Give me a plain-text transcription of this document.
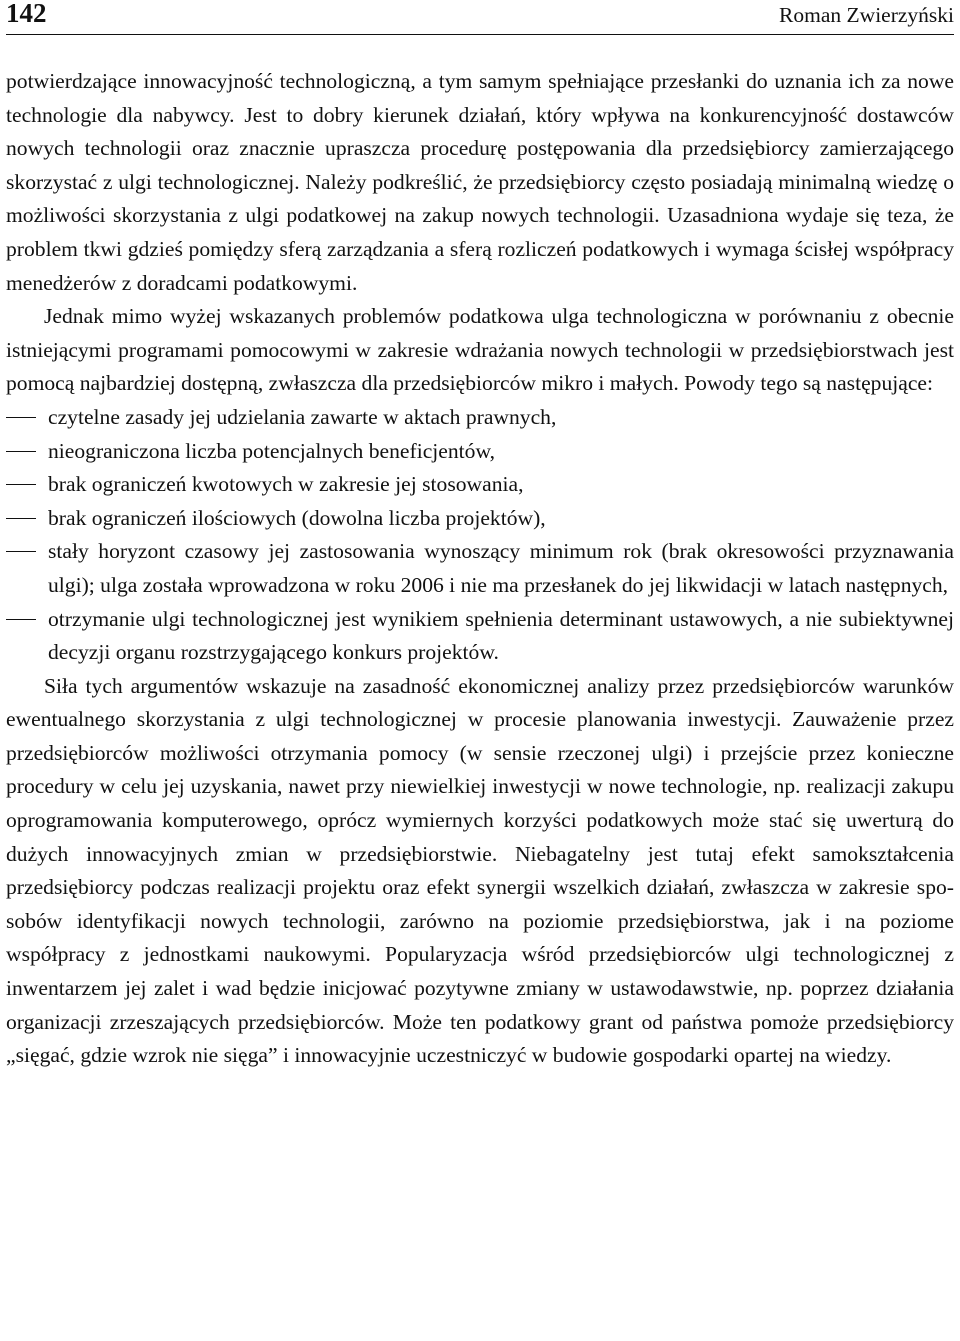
142	Roman Zwierzyński

potwierdzające innowacyjność technologiczną, a tym samym spełniające przesłanki do uznania ich za nowe technologie dla nabywcy. Jest to dobry kierunek działań, który wpływa na konkurencyjność dostawców nowych technologii oraz znacznie upraszcza procedurę postępowania dla przedsiębiorcy zamierzającego skorzystać z ulgi technologicznej. Należy podkreślić, że przedsiębiorcy często posiadają minimalną wiedzę o możliwości skorzystania z ulgi podatkowej na zakup nowych technologii. Uzasadniona wydaje się teza, że problem tkwi gdzieś pomiędzy sferą zarządzania a sferą rozliczeń podatkowych i wymaga ścisłej współpracy menedżerów z doradcami podatkowymi.

Jednak mimo wyżej wskazanych problemów podatkowa ulga technologiczna w porównaniu z obecnie istniejącymi programami pomocowymi w zakresie wdrażania nowych technologii w przedsiębiorstwach jest pomocą najbardziej dostępną, zwłaszcza dla przedsiębiorców mikro i małych. Powody tego są następujące:

czytelne zasady jej udzielania zawarte w aktach prawnych,
nieograniczona liczba potencjalnych beneficjentów,
brak ograniczeń kwotowych w zakresie jej stosowania,
brak ograniczeń ilościowych (dowolna liczba projektów),
stały horyzont czasowy jej zastosowania wynoszący minimum rok (brak okresowości przyznawania ulgi); ulga została wprowadzona w roku 2006 i nie ma przesłanek do jej likwidacji w latach następnych,
otrzymanie ulgi technologicznej jest wynikiem spełnienia determinant ustawowych, a nie subiektywnej decyzji organu rozstrzygającego konkurs projektów.

Siła tych argumentów wskazuje na zasadność ekonomicznej analizy przez przedsiębiorców warunków ewentualnego skorzystania z ulgi technologicznej w procesie planowania inwestycji. Zauważenie przez przedsiębiorców możliwości otrzymania pomocy (w sensie rzeczonej ulgi) i przejście przez konieczne procedury w celu jej uzyskania, nawet przy niewielkiej inwestycji w nowe technologie, np. realizacji zakupu oprogramowania komputerowego, oprócz wymiernych korzyści podatkowych może stać się uwerturą do dużych innowacyjnych zmian w przedsiębiorstwie. Niebagatelny jest tutaj efekt samokształcenia przedsiębiorcy podczas realizacji projektu oraz efekt synergii wszelkich działań, zwłaszcza w zakresie sposobów identyfikacji nowych technologii, zarówno na poziomie przedsiębiorstwa, jak i na poziome współpracy z jednostkami naukowymi. Popularyzacja wśród przedsiębiorców ulgi technologicznej z inwentarzem jej zalet i wad będzie inicjować pozytywne zmiany w ustawodawstwie, np. poprzez działania organizacji zrzeszających przedsiębiorców. Może ten podatkowy grant od państwa pomoże przedsiębiorcy „sięgać, gdzie wzrok nie sięga” i innowacyjnie uczestniczyć w budowie gospodarki opartej na wiedzy.
